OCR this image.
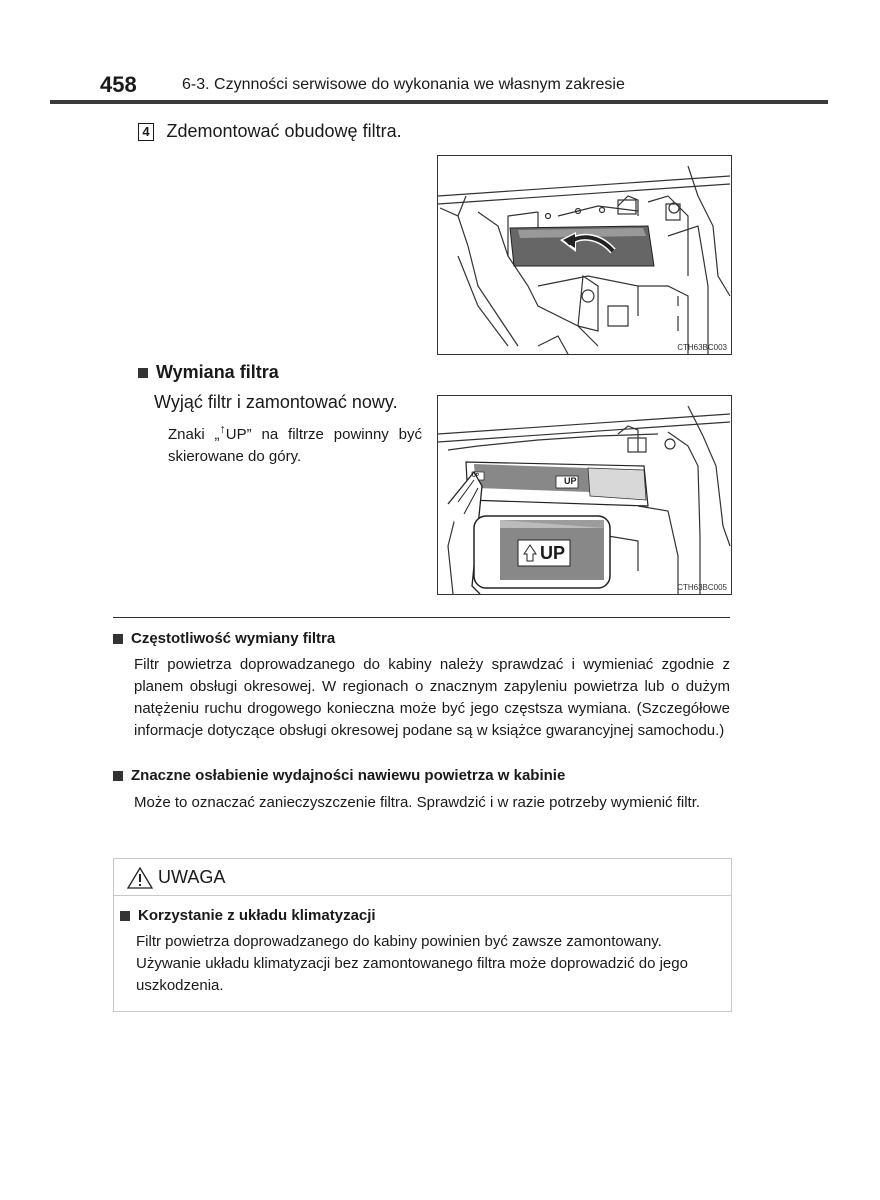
458	6-3. Czynności serwisowe do wykonania we własnym zakresie
4 Zdemontować obudowę filtra.
CTH63BC003
Wymiana filtra
Wyjąć filtr i zamontować nowy.
Znaki „↑UP” na filtrze powinny być skierowane do góry.
UP	UP
UP
CTH63BC005
Częstotliwość wymiany filtra
Filtr powietrza doprowadzanego do kabiny należy sprawdzać i wymieniać zgodnie z planem obsługi okresowej. W regionach o znacznym zapyleniu powietrza lub o dużym natężeniu ruchu drogowego konieczna może być jego częstsza wymiana. (Szczegółowe informacje dotyczące obsługi okresowej podane są w książce gwarancyjnej samochodu.)
Znaczne osłabienie wydajności nawiewu powietrza w kabinie
Może to oznaczać zanieczyszczenie filtra. Sprawdzić i w razie potrzeby wymienić filtr.
UWAGA
Korzystanie z układu klimatyzacji
Filtr powietrza doprowadzanego do kabiny powinien być zawsze zamontowany. Używanie układu klimatyzacji bez zamontowanego filtra może doprowadzić do jego uszkodzenia.
